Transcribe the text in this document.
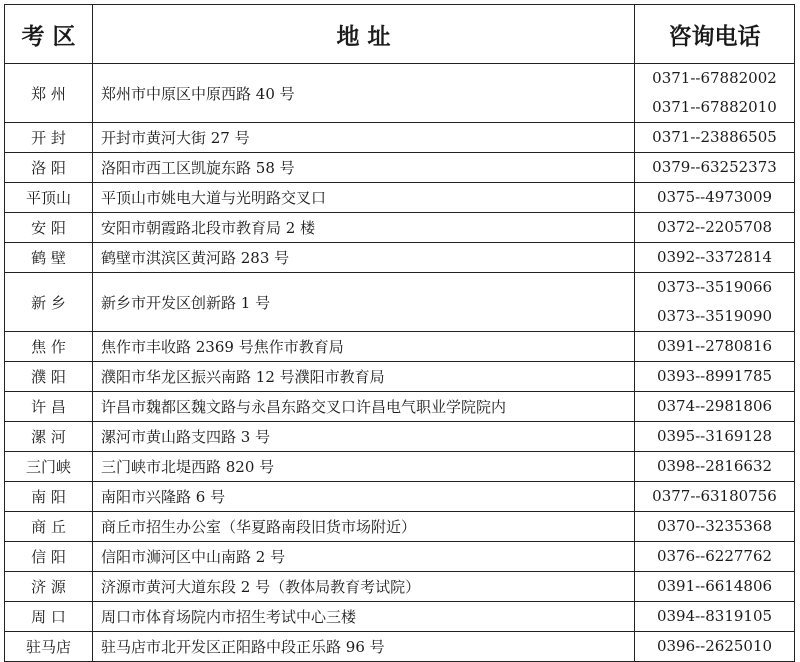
考 区	地 址	咨询电话
郑 州	郑州市中原区中原西路 40 号	0371--67882002
0371--67882010

开 封	开封市黄河大街 27 号	0371--23886505

洛 阳	洛阳市西工区凯旋东路 58 号	0379--63252373

平顶山	平顶山市姚电大道与光明路交叉口	0375--4973009

安 阳	安阳市朝霞路北段市教育局 2 楼	0372--2205708

鹤 壁	鹤壁市淇滨区黄河路 283 号	0392--3372814

新 乡	新乡市开发区创新路 1 号	0373--3519066
0373--3519090

焦 作	焦作市丰收路 2369 号焦作市教育局	0391--2780816

濮 阳	濮阳市华龙区振兴南路 12 号濮阳市教育局	0393--8991785

许 昌	许昌市魏都区魏文路与永昌东路交叉口许昌电气职业学院院内	0374--2981806

漯 河	漯河市黄山路支四路 3 号	0395--3169128

三门峡	三门峡市北堤西路 820 号	0398--2816632

南 阳	南阳市兴隆路 6 号	0377--63180756

商 丘	商丘市招生办公室（华夏路南段旧货市场附近）	0370--3235368

信 阳	信阳市浉河区中山南路 2 号	0376--6227762

济 源	济源市黄河大道东段 2 号（教体局教育考试院）	0391--6614806

周 口	周口市体育场院内市招生考试中心三楼	0394--8319105

驻马店	驻马店市北开发区正阳路中段正乐路 96 号	0396--2625010
